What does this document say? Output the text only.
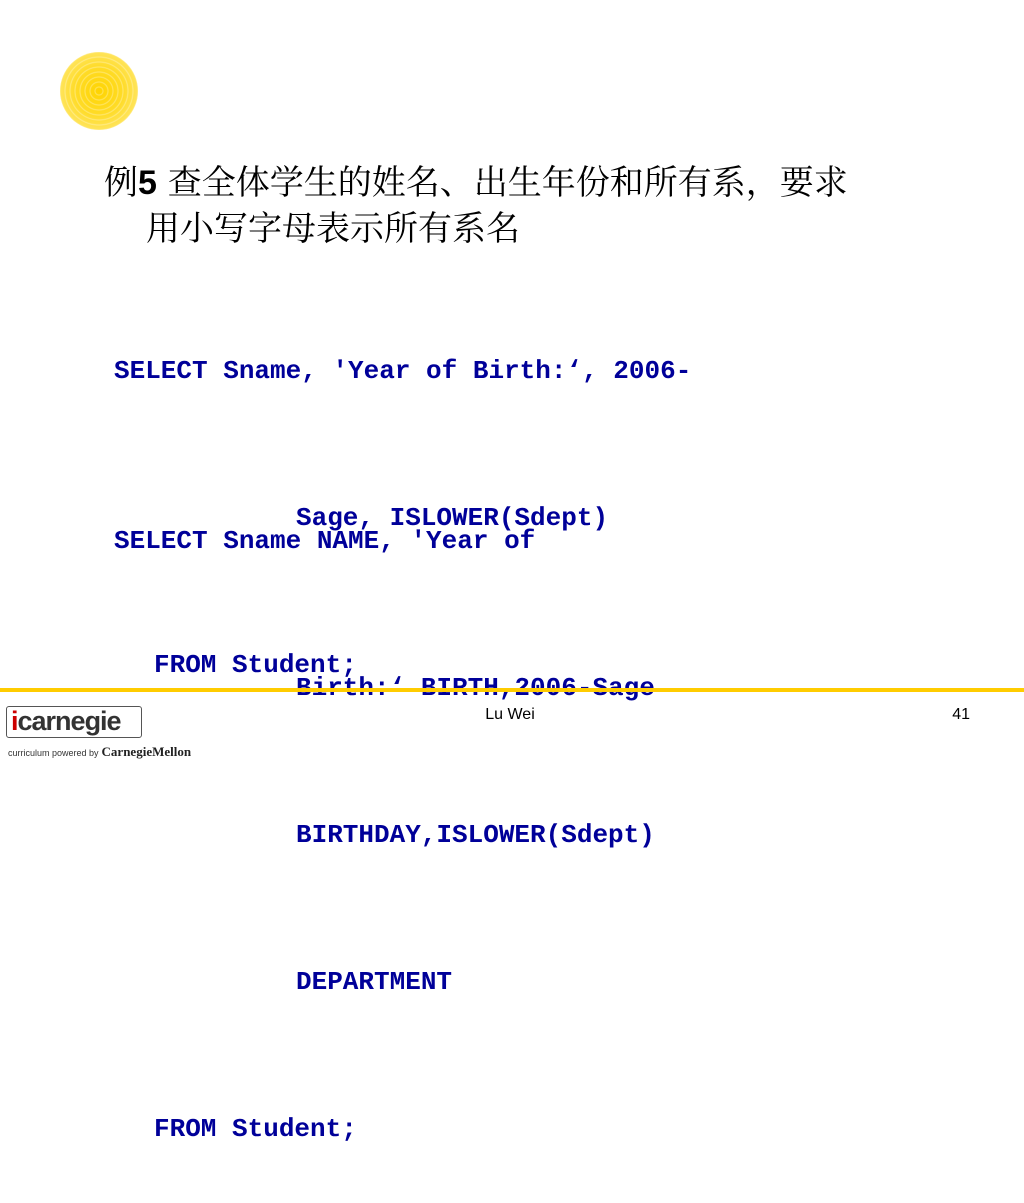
例5 查全体学生的姓名、出生年份和所有系，要求
用小写字母表示所有系名

SELECT Sname, 'Year of Birth:‘, 2006-

Sage, ISLOWER(Sdept)

FROM Student;

SELECT Sname NAME, 'Year of

BIRTHDAY,ISLOWER(Sdept)

DEPARTMENT

FROM Student;

icarnegie
curriculum powered by CarnegieMellon
Lu Wei	41
